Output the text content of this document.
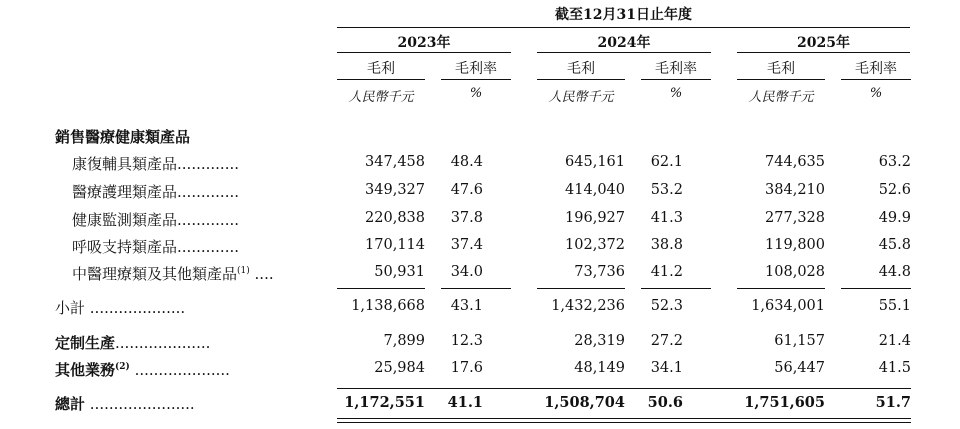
截至12月31日止年度
2023年	2024年	2025年
毛利	毛利率	毛利	毛利率	毛利	毛利率
人民幣千元	%	人民幣千元	%	人民幣千元	%
銷售醫療健康類產品
康復輔具類產品.............	347,458	48.4	645,161	62.1	744,635	63.2
醫療護理類產品.............	349,327	47.6	414,040	53.2	384,210	52.6
健康監測類產品.............	220,838	37.8	196,927	41.3	277,328	49.9
呼吸支持類產品.............	170,114	37.4	102,372	38.8	119,800	45.8
中醫理療類及其他類產品$^{(1)}$ ....	50,931	34.0	73,736	41.2	108,028	44.8
小計 ....................	1,138,668	43.1	1,432,236	52.3	1,634,001	55.1
定制生產....................	7,899	12.3	28,319	27.2	61,157	21.4
其他業務$^{(2)}$ ....................	25,984	17.6	48,149	34.1	56,447	41.5
總計 ......................	1,172,551	41.1	1,508,704	50.6	1,751,605	51.7
